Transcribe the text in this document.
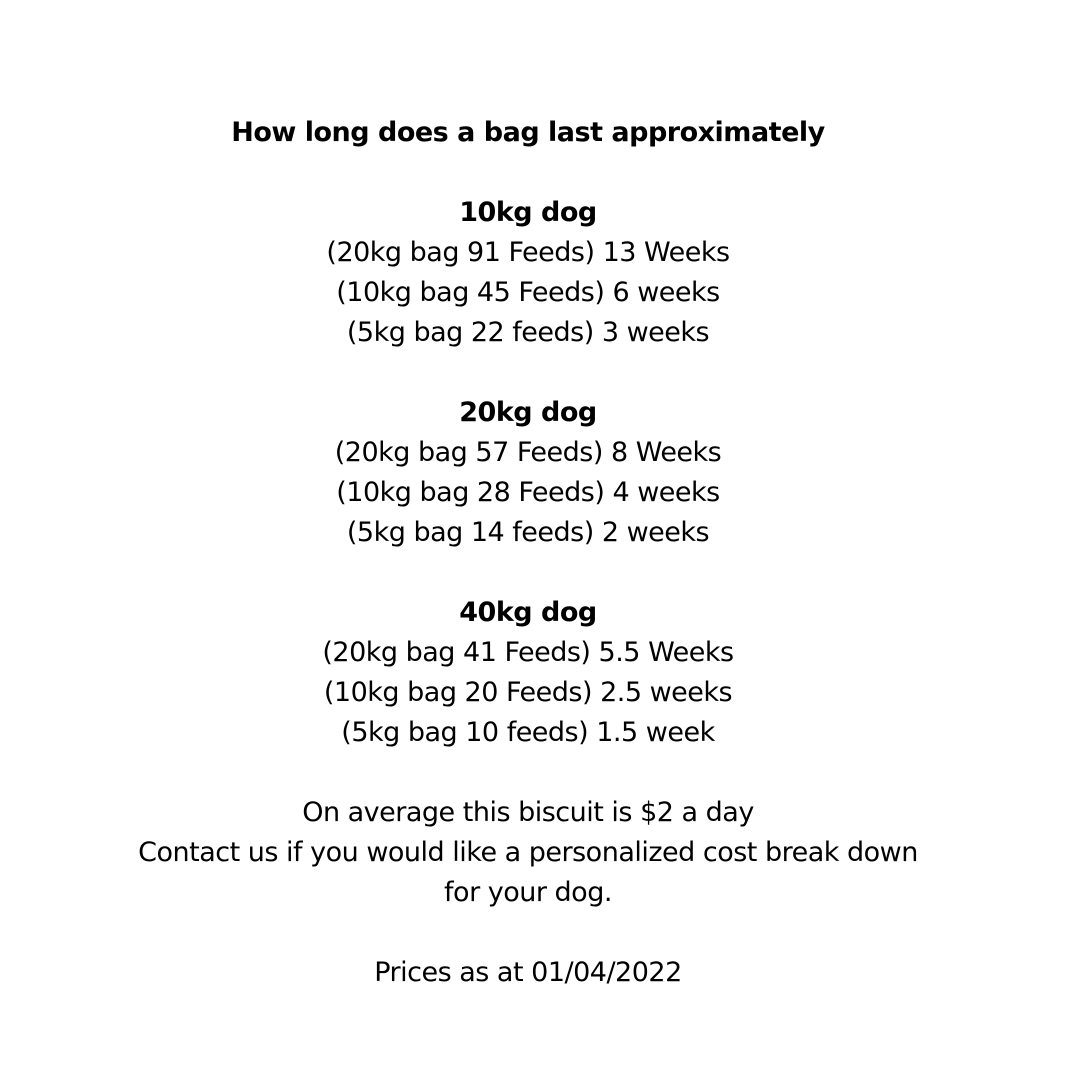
How long does a bag last approximately
10kg dog
(20kg bag 91 Feeds) 13 Weeks
(10kg bag 45 Feeds) 6 weeks
(5kg bag 22 feeds) 3 weeks
20kg dog
(20kg bag 57 Feeds) 8 Weeks
(10kg bag 28 Feeds) 4 weeks
(5kg bag 14 feeds) 2 weeks
40kg dog
(20kg bag 41 Feeds) 5.5 Weeks
(10kg bag 20 Feeds) 2.5 weeks
(5kg bag 10 feeds) 1.5 week
On average this biscuit is $2 a day
Contact us if you would like a personalized cost break down
for your dog.
Prices as at 01/04/2022
